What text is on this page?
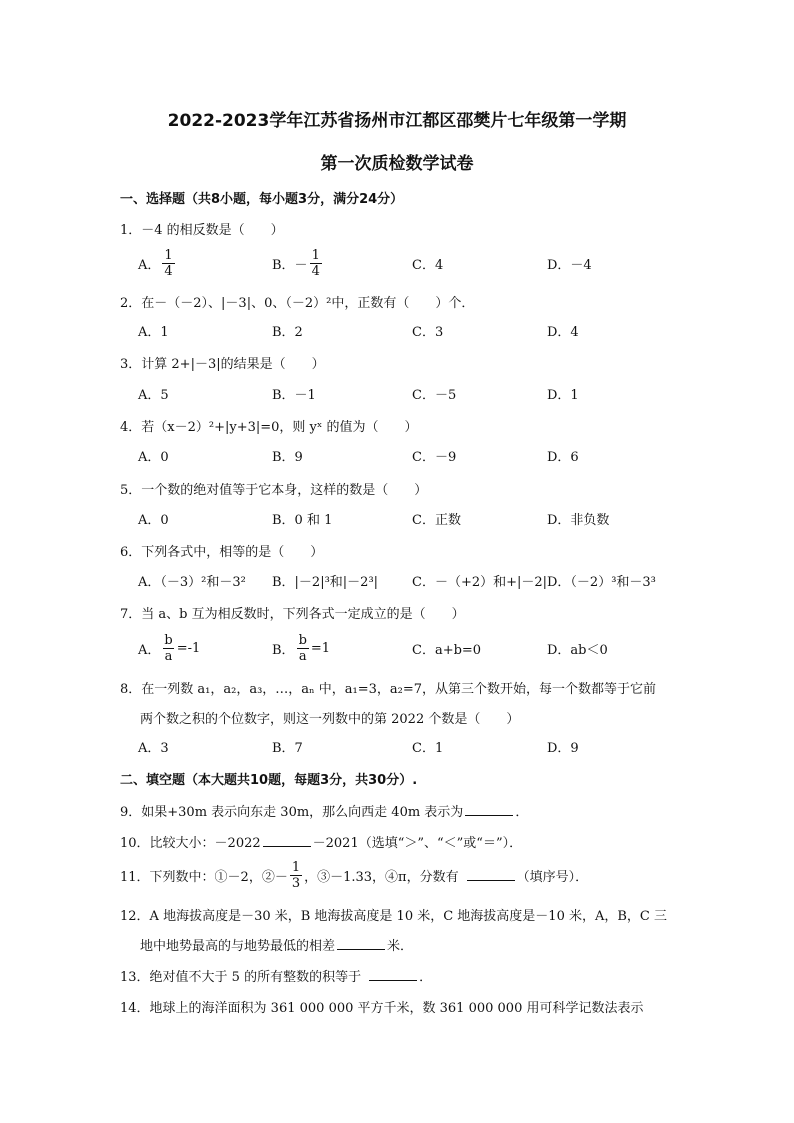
2022-2023学年江苏省扬州市江都区邵樊片七年级第一学期
第一次质检数学试卷
一、选择题（共8小题，每小题3分，满分24分）
1．－4 的相反数是（　　）
A． $\frac{1}{4}$	B．－ $\frac{1}{4}$	C．4	D．－4
2．在－（－2）、|－3|、0、（－2）²中，正数有（　　）个．
A．1	B．2	C．3	D．4
3．计算 2+|－3|的结果是（　　）
A．5	B．－1	C．－5	D．1
4．若（x－2）²+|y+3|=0，则 yˣ 的值为（　　）
A．0	B．9	C．－9	D．6
5．一个数的绝对值等于它本身，这样的数是（　　）
A．0	B．0 和 1	C．正数	D．非负数
6．下列各式中，相等的是（　　）
A．（－3）²和－3² B．|－2|³和|－2³|	C．－（+2）和+|－2| D．（－2）³和－3³
7．当 a、b 互为相反数时，下列各式一定成立的是（　　）
A． $\frac{b}{a} =-1$	B． $\frac{b}{a} =1$	C．a+b=0	D．ab＜0
8．在一列数 a₁，a₂，a₃，…，aₙ 中，a₁=3，a₂=7，从第三个数开始，每一个数都等于它前
两个数之积的个位数字，则这一列数中的第 2022 个数是（　　）
A．3	B．7	C．1	D．9
二、填空题（本大题共10题，每题3分，共30分）.
9．如果+30m 表示向东走 30m，那么向西走 40m 表示为	．
10．比较大小：－2022	－2021（选填“＞”、“＜”或“＝”）．
11．下列数中：①－2，②－ $\frac{1}{3}$ ，③－1.33，④π，分数有	（填序号）．
12．A 地海拔高度是－30 米，B 地海拔高度是 10 米，C 地海拔高度是－10 米，A，B，C 三
地中地势最高的与地势最低的相差	米．
13．绝对值不大于 5 的所有整数的积等于	．
14．地球上的海洋面积为 361 000 000 平方千米，数 361 000 000 用可科学记数法表示
